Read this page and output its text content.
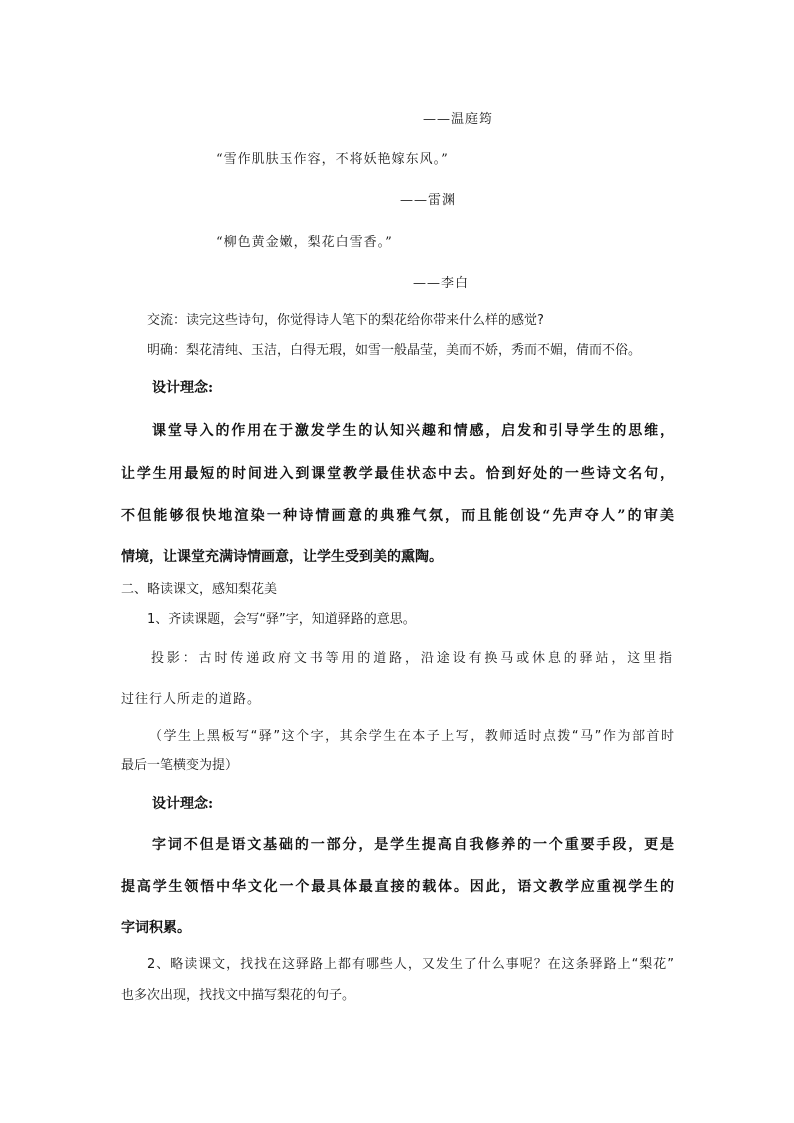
——温庭筠
“雪作肌肤玉作容，不将妖艳嫁东风。”
——雷渊
“柳色黄金嫩，梨花白雪香。”
——李白
交流：读完这些诗句，你觉得诗人笔下的梨花给你带来什么样的感觉?
明确：梨花清纯、玉洁，白得无瑕，如雪一般晶莹，美而不娇，秀而不媚，倩而不俗。
设计理念:
课堂导入的作用在于激发学生的认知兴趣和情感，启发和引导学生的思维，
让学生用最短的时间进入到课堂教学最佳状态中去。恰到好处的一些诗文名句，
不但能够很快地渲染一种诗情画意的典雅气氛，而且能创设“先声夺人”的审美
情境，让课堂充满诗情画意，让学生受到美的熏陶。
二、略读课文，感知梨花美
1、齐读课题，会写“驿”字，知道驿路的意思。
投影：古时传递政府文书等用的道路，沿途设有换马或休息的驿站，这里指
过往行人所走的道路。
（学生上黑板写“驿”这个字，其余学生在本子上写，教师适时点拨“马”作为部首时
最后一笔横变为提）
设计理念:
字词不但是语文基础的一部分，是学生提高自我修养的一个重要手段，更是
提高学生领悟中华文化一个最具体最直接的载体。因此，语文教学应重视学生的
字词积累。
2、略读课文，找找在这驿路上都有哪些人，又发生了什么事呢？在这条驿路上“梨花”
也多次出现，找找文中描写梨花的句子。
